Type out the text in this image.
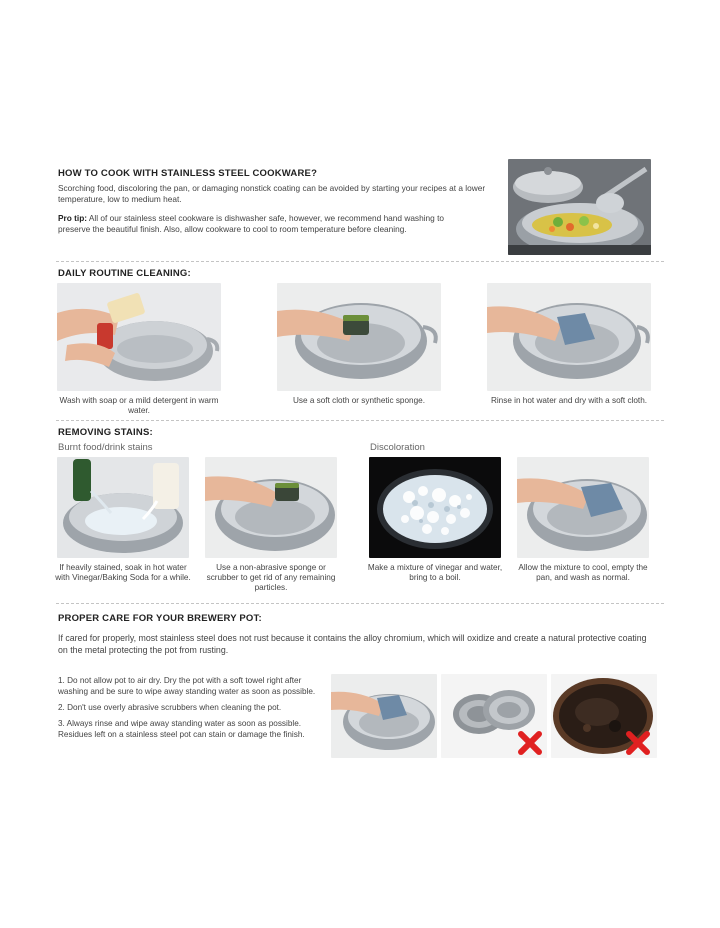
HOW TO COOK WITH STAINLESS STEEL COOKWARE?

Scorching food, discoloring the pan, or damaging nonstick coating can be avoided by starting your recipes at a lower temperature, low to medium heat.

Pro tip: All of our stainless steel cookware is dishwasher safe, however, we recommend hand washing to preserve the beautiful finish. Also, allow cookware to cool to room temperature before cleaning.

DAILY ROUTINE CLEANING:
Wash with soap or a mild detergent in warm water.
Use a soft cloth or synthetic sponge.	Rinse in hot water and dry with a soft cloth.
REMOVING STAINS:
Burnt food/drink stains	Discoloration
If heavily stained, soak in hot water with Vinegar/Baking Soda for a while.
Use a non-abrasive sponge or scrubber to get rid of any remaining particles.
Make a mixture of vinegar and water, bring to a boil.
Allow the mixture to cool, empty the pan, and wash as normal.
PROPER CARE FOR YOUR BREWERY POT:

If cared for properly, most stainless steel does not rust because it contains the alloy chromium, which will oxidize and create a natural protective coating on the metal protecting the pot from rusting.

1. Do not allow pot to air dry. Dry the pot with a soft towel right after washing and be sure to wipe away standing water as soon as possible.
2. Don't use overly abrasive scrubbers when cleaning the pot.
3. Always rinse and wipe away standing water as soon as possible. Residues left on a stainless steel pot can stain or damage the finish.
